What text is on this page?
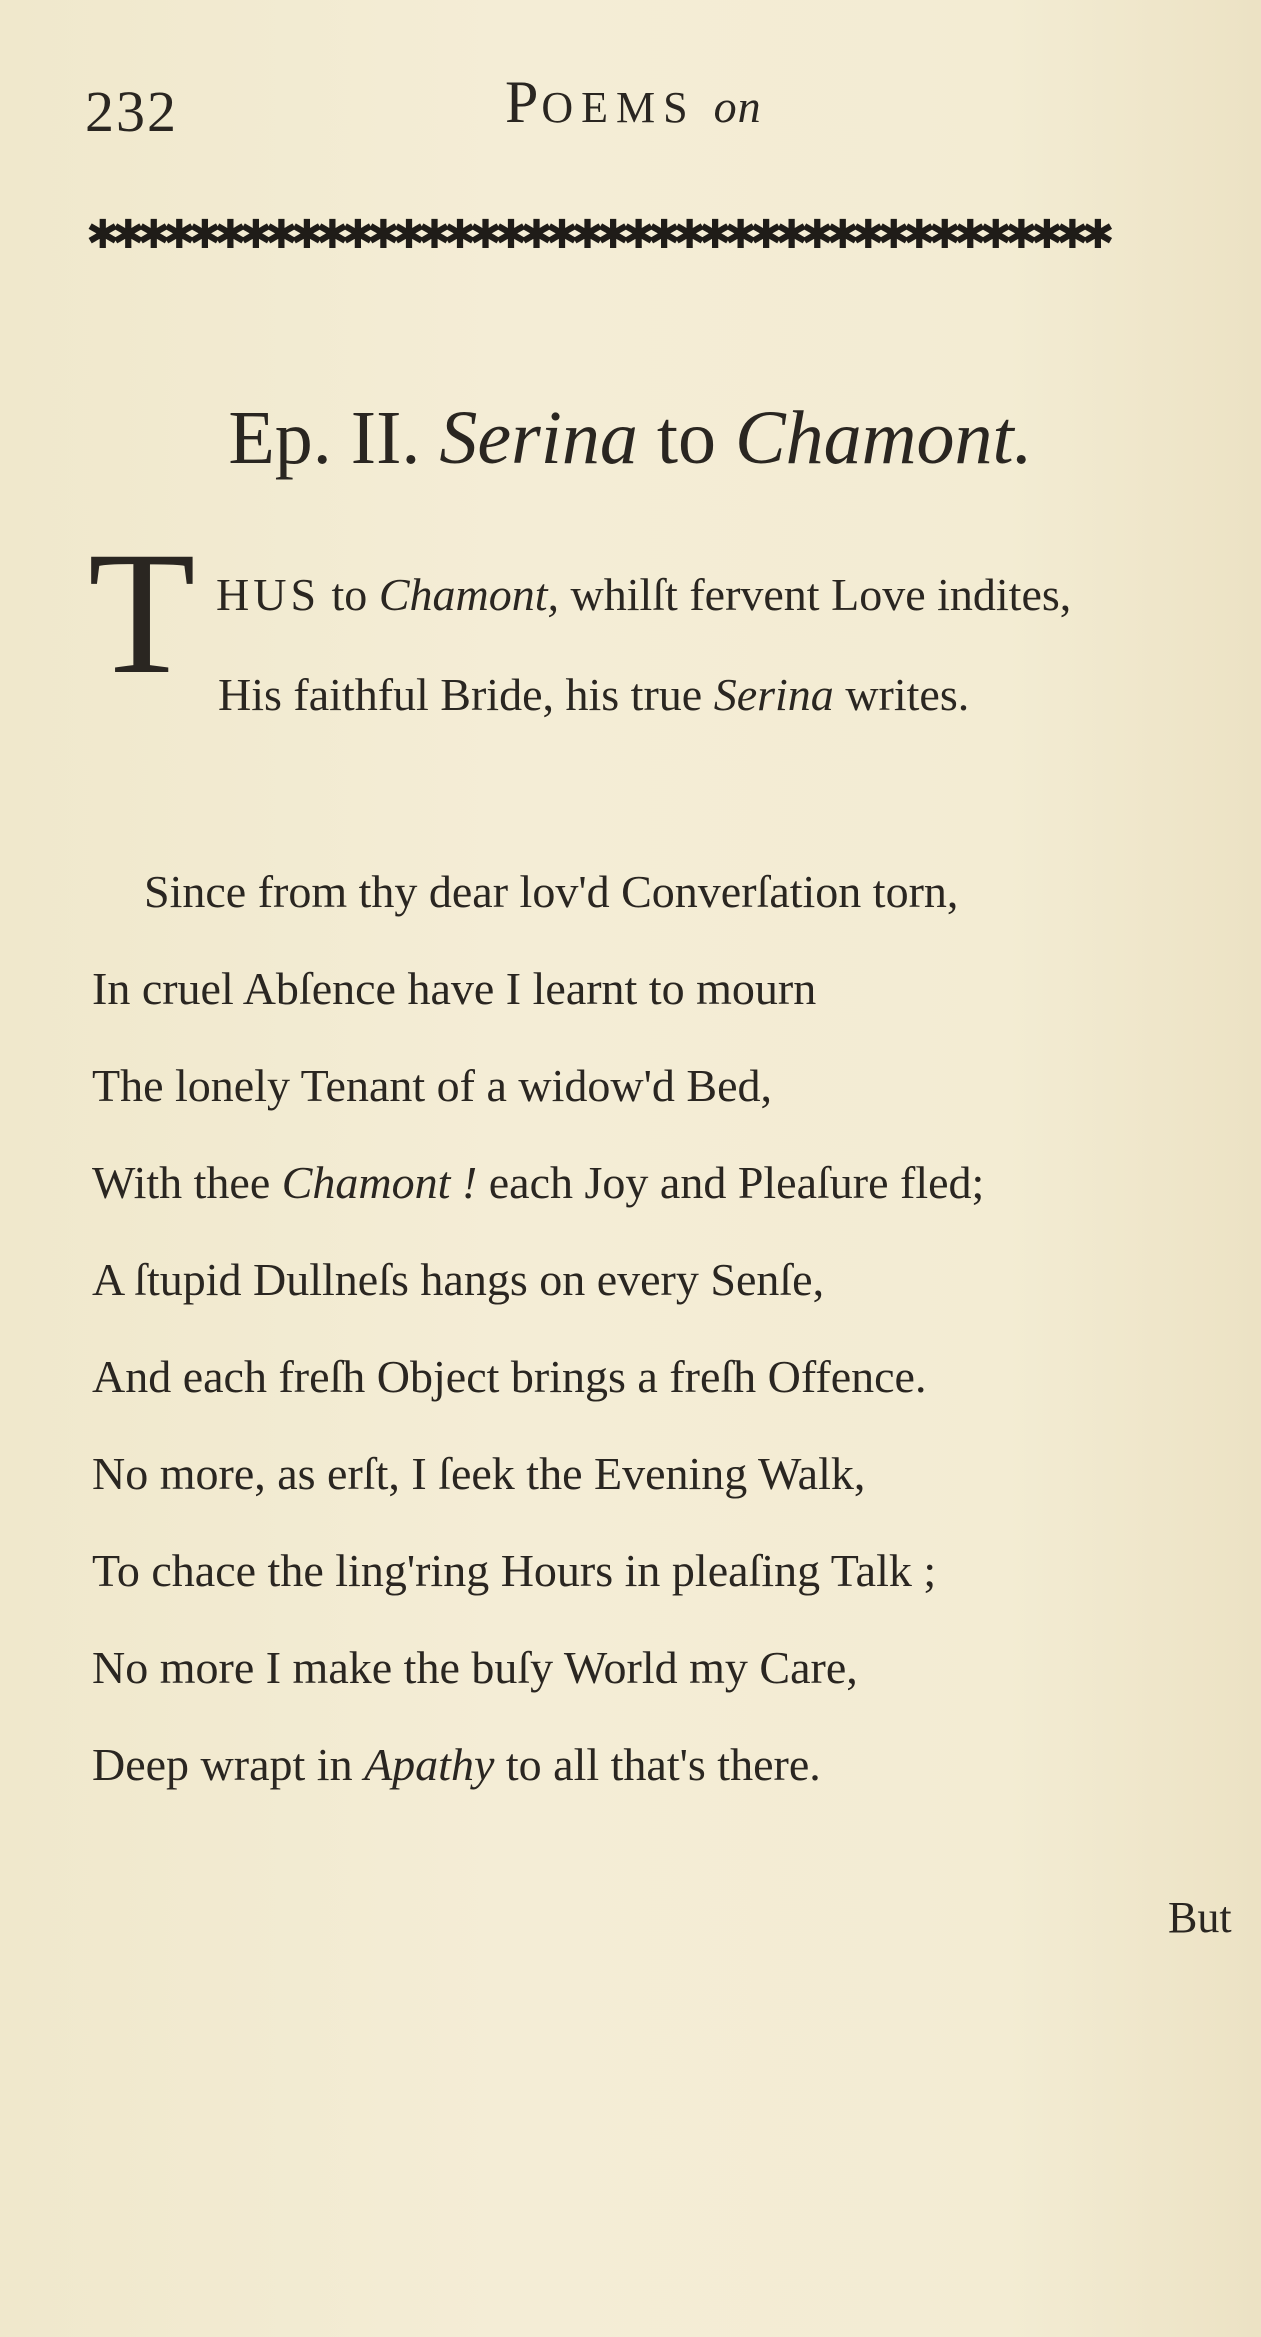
232	POEMS on
✱✱✱✱✱✱✱✱✱✱✱✱✱✱✱✱✱✱✱✱✱✱✱✱✱✱✱✱✱✱✱✱✱✱✱✱✱✱✱✱
Ep. II. Serina to Chamont.
T HUS to Chamont, whilſt fervent Love indites,
His faithful Bride, his true Serina writes.
Since from thy dear lov'd Converſation torn,
In cruel Abſence have I learnt to mourn
The lonely Tenant of a widow'd Bed,
With thee Chamont ! each Joy and Pleaſure fled;
A ſtupid Dullneſs hangs on every Senſe,
And each freſh Object brings a freſh Offence.
No more, as erſt, I ſeek the Evening Walk,
To chace the ling'ring Hours in pleaſing Talk ;
No more I make the buſy World my Care,
Deep wrapt in Apathy to all that's there.
But
